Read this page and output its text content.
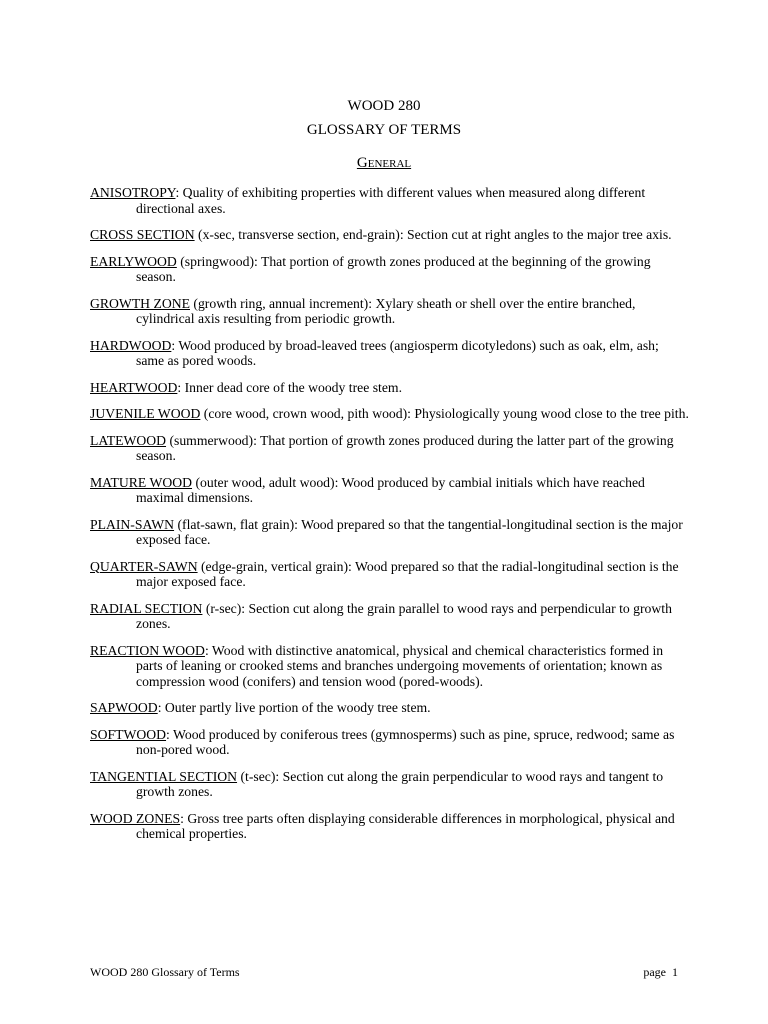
WOOD 280
GLOSSARY OF TERMS
General

ANISOTROPY: Quality of exhibiting properties with different values when measured along different directional axes.

CROSS SECTION (x-sec, transverse section, end-grain): Section cut at right angles to the major tree axis.

EARLYWOOD (springwood): That portion of growth zones produced at the beginning of the growing season.

GROWTH ZONE (growth ring, annual increment): Xylary sheath or shell over the entire branched, cylindrical axis resulting from periodic growth.

HARDWOOD: Wood produced by broad-leaved trees (angiosperm dicotyledons) such as oak, elm, ash; same as pored woods.

HEARTWOOD: Inner dead core of the woody tree stem.

JUVENILE WOOD (core wood, crown wood, pith wood): Physiologically young wood close to the tree pith.

LATEWOOD (summerwood): That portion of growth zones produced during the latter part of the growing season.

MATURE WOOD (outer wood, adult wood): Wood produced by cambial initials which have reached maximal dimensions.

PLAIN-SAWN (flat-sawn, flat grain): Wood prepared so that the tangential-longitudinal section is the major exposed face.

QUARTER-SAWN (edge-grain, vertical grain): Wood prepared so that the radial-longitudinal section is the major exposed face.

RADIAL SECTION (r-sec): Section cut along the grain parallel to wood rays and perpendicular to growth zones.

REACTION WOOD: Wood with distinctive anatomical, physical and chemical characteristics formed in parts of leaning or crooked stems and branches undergoing movements of orientation; known as compression wood (conifers) and tension wood (pored-woods).

SAPWOOD: Outer partly live portion of the woody tree stem.

SOFTWOOD: Wood produced by coniferous trees (gymnosperms) such as pine, spruce, redwood; same as non-pored wood.

TANGENTIAL SECTION (t-sec): Section cut along the grain perpendicular to wood rays and tangent to growth zones.

WOOD ZONES: Gross tree parts often displaying considerable differences in morphological, physical and chemical properties.

WOOD 280 Glossary of Terms	page  1
